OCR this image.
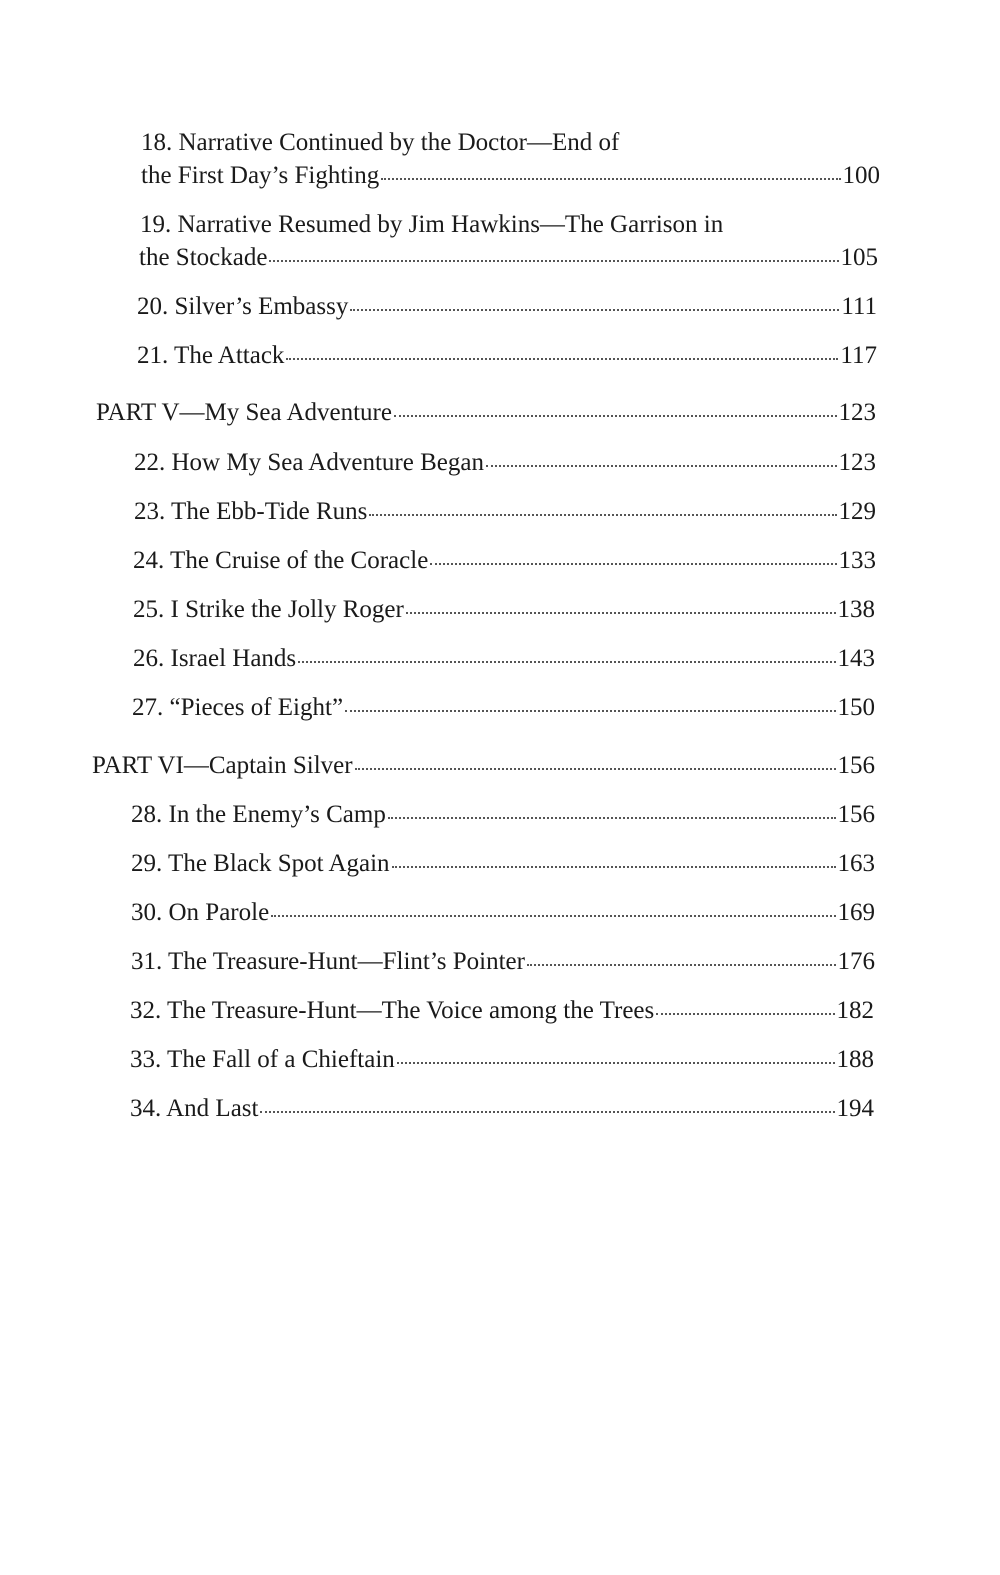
18. Narrative Continued by the Doctor—End of
the First Day’s Fighting	100
19. Narrative Resumed by Jim Hawkins—The Garrison in
the Stockade	105
20. Silver’s Embassy	111
21. The Attack	117
PART V—My Sea Adventure	123
22. How My Sea Adventure Began	123
23. The Ebb-Tide Runs	129
24. The Cruise of the Coracle	133
25. I Strike the Jolly Roger	138
26. Israel Hands	143
27. “Pieces of Eight”	150
PART VI—Captain Silver	156
28. In the Enemy’s Camp	156
29. The Black Spot Again	163
30. On Parole	169
31. The Treasure-Hunt—Flint’s Pointer	176
32. The Treasure-Hunt—The Voice among the Trees	182
33. The Fall of a Chieftain	188
34. And Last	194
